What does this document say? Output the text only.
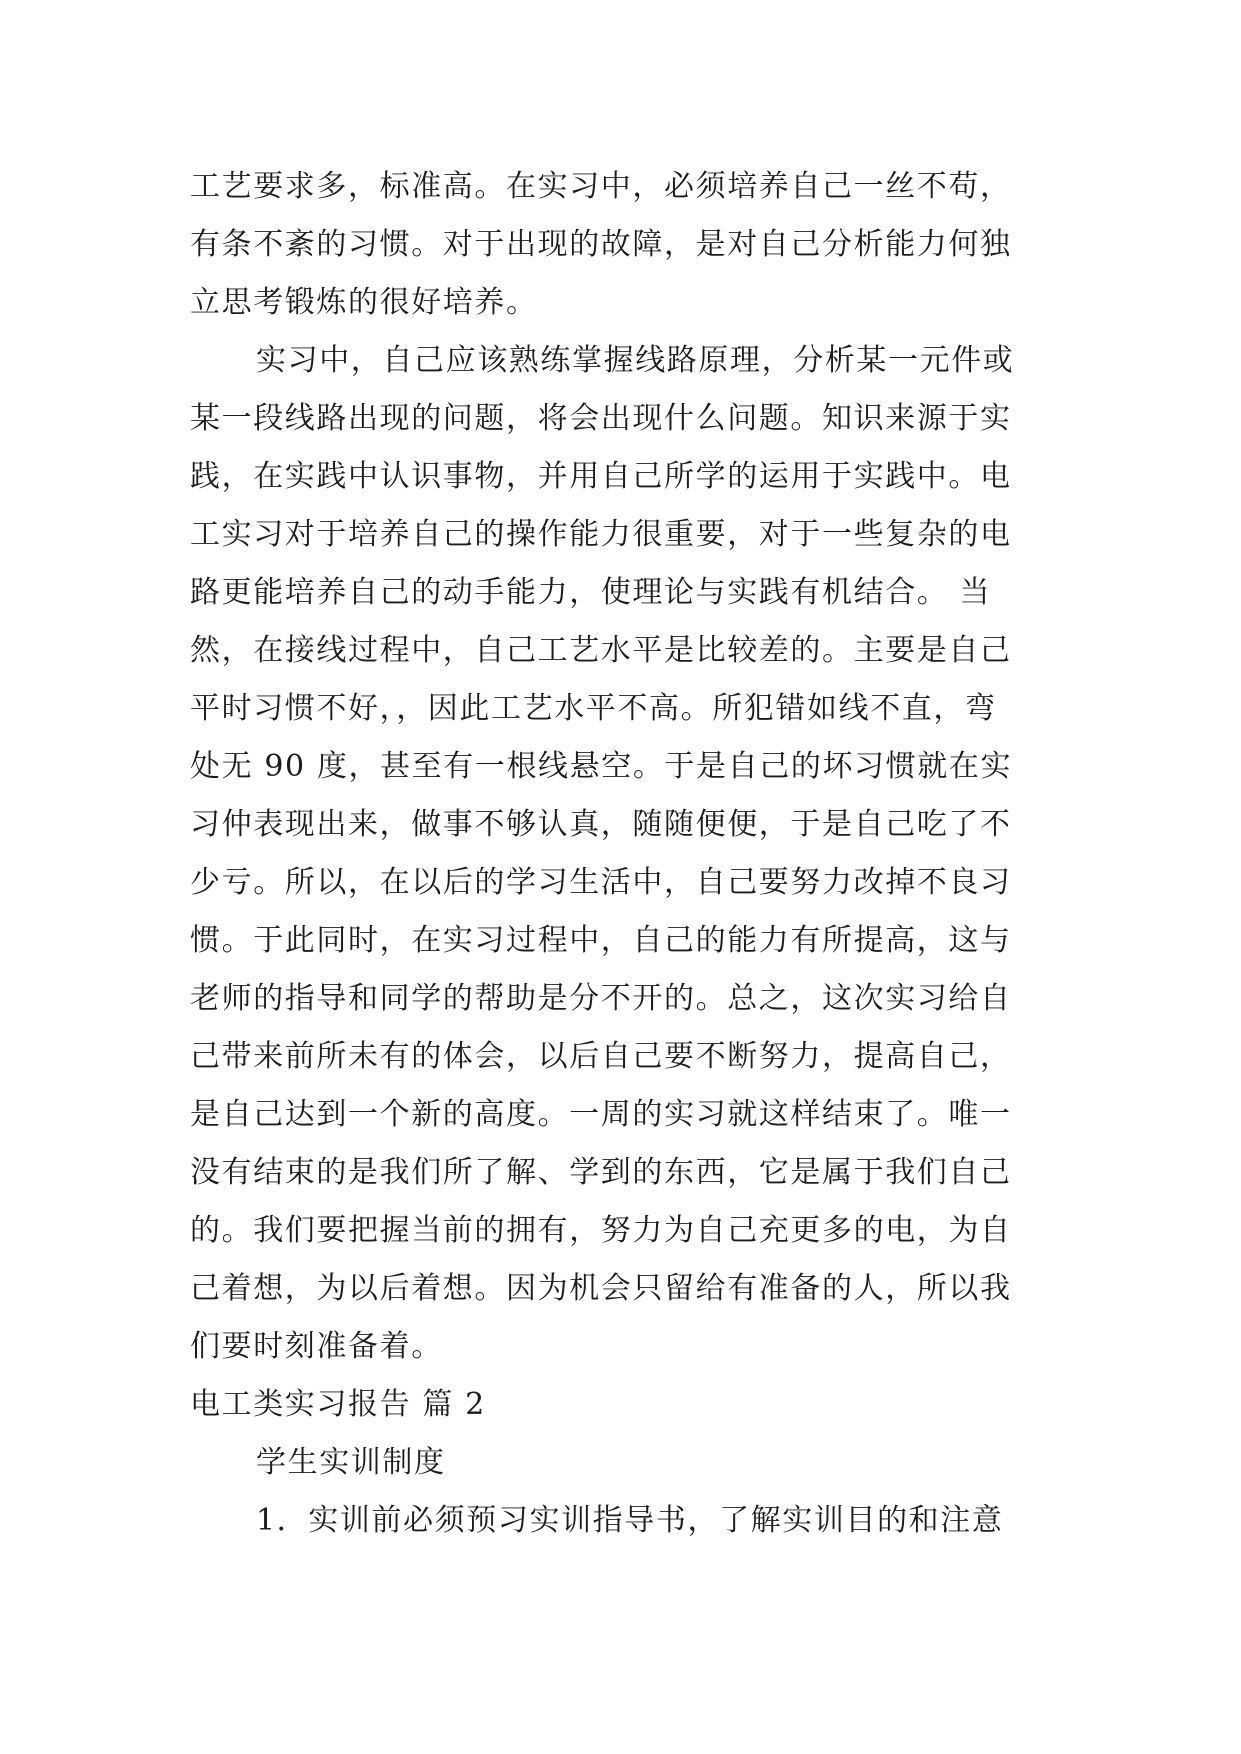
工艺要求多，标准高。在实习中，必须培养自己一丝不苟，
有条不紊的习惯。对于出现的故障，是对自己分析能力何独
立思考锻炼的很好培养。
实习中，自己应该熟练掌握线路原理，分析某一元件或
某一段线路出现的问题，将会出现什么问题。知识来源于实
践，在实践中认识事物，并用自己所学的运用于实践中。电
工实习对于培养自己的操作能力很重要，对于一些复杂的电
路更能培养自己的动手能力，使理论与实践有机结合。 当
然，在接线过程中，自己工艺水平是比较差的。主要是自己
平时习惯不好，，因此工艺水平不高。所犯错如线不直，弯
处无 90 度，甚至有一根线悬空。于是自己的坏习惯就在实
习仲表现出来，做事不够认真，随随便便，于是自己吃了不
少亏。所以，在以后的学习生活中，自己要努力改掉不良习
惯。于此同时，在实习过程中，自己的能力有所提高，这与
老师的指导和同学的帮助是分不开的。总之，这次实习给自
己带来前所未有的体会，以后自己要不断努力，提高自己，
是自己达到一个新的高度。一周的实习就这样结束了。唯一
没有结束的是我们所了解、学到的东西，它是属于我们自己
的。我们要把握当前的拥有，努力为自己充更多的电，为自
己着想，为以后着想。因为机会只留给有准备的人，所以我
们要时刻准备着。
电工类实习报告 篇 2
学生实训制度
1．实训前必须预习实训指导书，了解实训目的和注意
